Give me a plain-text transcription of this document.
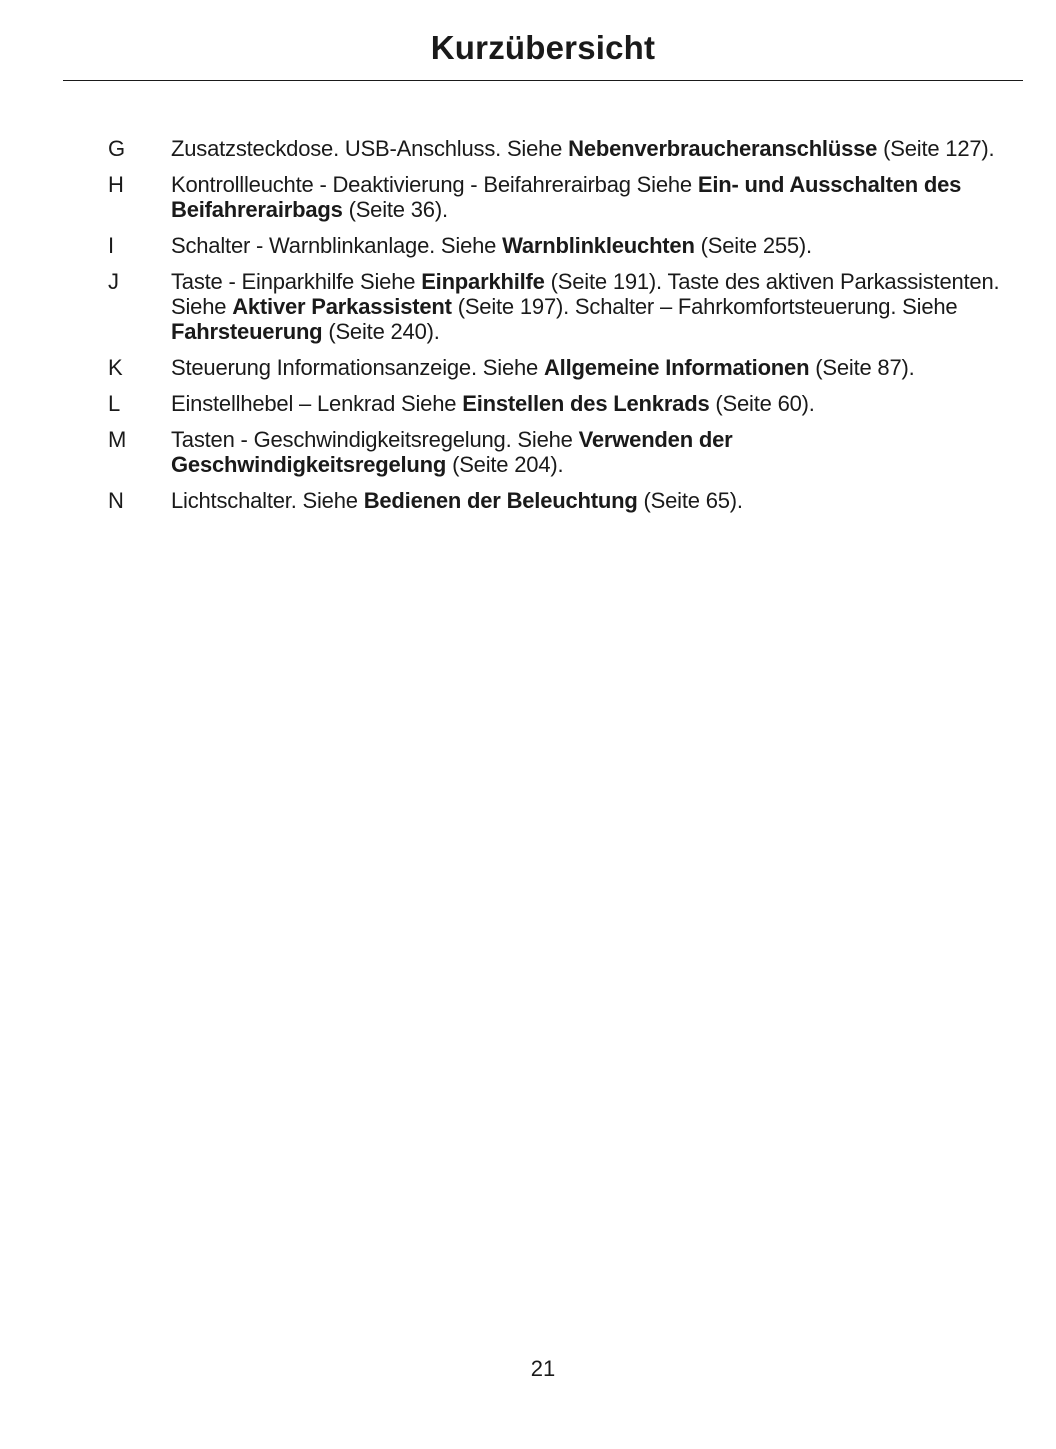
Kurzübersicht
G	Zusatzsteckdose. USB-Anschluss. Siehe Nebenverbraucheranschlüsse (Seite 127).
H	Kontrollleuchte - Deaktivierung - Beifahrerairbag Siehe Ein- und Ausschalten des Beifahrerairbags (Seite 36).
I	Schalter - Warnblinkanlage. Siehe Warnblinkleuchten (Seite 255).
J	Taste - Einparkhilfe Siehe Einparkhilfe (Seite 191). Taste des aktiven Parkassistenten. Siehe Aktiver Parkassistent (Seite 197). Schalter – Fahrkomfortsteuerung. Siehe Fahrsteuerung (Seite 240).
K	Steuerung Informationsanzeige. Siehe Allgemeine Informationen (Seite 87).
L	Einstellhebel – Lenkrad Siehe Einstellen des Lenkrads (Seite 60).
M Tasten - Geschwindigkeitsregelung. Siehe Verwenden der Geschwindigkeitsregelung (Seite 204).
N	Lichtschalter. Siehe Bedienen der Beleuchtung (Seite 65).
21
